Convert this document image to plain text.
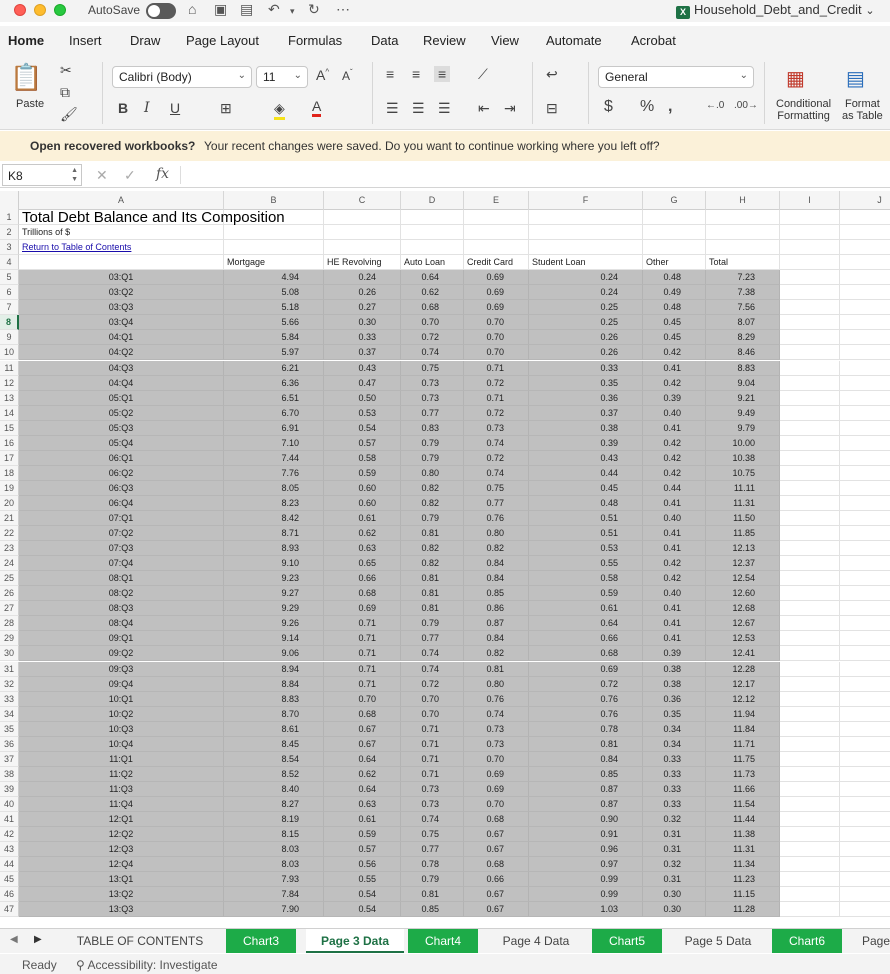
AutoSave	⌂ ▣ ▤ ↶ ▾ ↻ ⋯	X Household_Debt_and_Credit ⌄
Home Insert Draw Page Layout Formulas Data Review View Automate Acrobat
📋
Paste
✂
⧉
🖌
Calibri (Body)	⌄	11 ⌄ A^ $A^ˇ$
B I U	⊞	◈ A
≡ ≡ ≡ ⟋
☰ ☰ ☰ ⇤ ⇥
↩
⊟
General	⌄
$ % ,	←.0 .00→
▦
Conditional
Formatting
▤
Format
as Table
Open recovered workbooks? Your recent changes were saved. Do you want to continue working where you left off?
K8	▲
▼ ✕ ✓ fx
A	B	C	D	E	F	G	H	I	J
1 Total Debt Balance and Its Composition
2	Trillions of $
3	Return to Table of Contents
4	Mortgage	HE Revolving	Auto Loan	Credit Card	Student Loan	Other	Total
5	03:Q1	4.94	0.24	0.64	0.69	0.24	0.48	7.23
6	03:Q2	5.08	0.26	0.62	0.69	0.24	0.49	7.38
7	03:Q3	5.18	0.27	0.68	0.69	0.25	0.48	7.56
8	03:Q4	5.66	0.30	0.70	0.70	0.25	0.45	8.07
9	04:Q1	5.84	0.33	0.72	0.70	0.26	0.45	8.29
10	04:Q2	5.97	0.37	0.74	0.70	0.26	0.42	8.46
11	04:Q3	6.21	0.43	0.75	0.71	0.33	0.41	8.83
12	04:Q4	6.36	0.47	0.73	0.72	0.35	0.42	9.04
13	05:Q1	6.51	0.50	0.73	0.71	0.36	0.39	9.21
14	05:Q2	6.70	0.53	0.77	0.72	0.37	0.40	9.49
15	05:Q3	6.91	0.54	0.83	0.73	0.38	0.41	9.79
16	05:Q4	7.10	0.57	0.79	0.74	0.39	0.42	10.00
17	06:Q1	7.44	0.58	0.79	0.72	0.43	0.42	10.38
18	06:Q2	7.76	0.59	0.80	0.74	0.44	0.42	10.75
19	06:Q3	8.05	0.60	0.82	0.75	0.45	0.44	11.11
20	06:Q4	8.23	0.60	0.82	0.77	0.48	0.41	11.31
21	07:Q1	8.42	0.61	0.79	0.76	0.51	0.40	11.50
22	07:Q2	8.71	0.62	0.81	0.80	0.51	0.41	11.85
23	07:Q3	8.93	0.63	0.82	0.82	0.53	0.41	12.13
24	07:Q4	9.10	0.65	0.82	0.84	0.55	0.42	12.37
25	08:Q1	9.23	0.66	0.81	0.84	0.58	0.42	12.54
26	08:Q2	9.27	0.68	0.81	0.85	0.59	0.40	12.60
27	08:Q3	9.29	0.69	0.81	0.86	0.61	0.41	12.68
28	08:Q4	9.26	0.71	0.79	0.87	0.64	0.41	12.67
29	09:Q1	9.14	0.71	0.77	0.84	0.66	0.41	12.53
30	09:Q2	9.06	0.71	0.74	0.82	0.68	0.39	12.41
31	09:Q3	8.94	0.71	0.74	0.81	0.69	0.38	12.28
32	09:Q4	8.84	0.71	0.72	0.80	0.72	0.38	12.17
33	10:Q1	8.83	0.70	0.70	0.76	0.76	0.36	12.12
34	10:Q2	8.70	0.68	0.70	0.74	0.76	0.35	11.94
35	10:Q3	8.61	0.67	0.71	0.73	0.78	0.34	11.84
36	10:Q4	8.45	0.67	0.71	0.73	0.81	0.34	11.71
37	11:Q1	8.54	0.64	0.71	0.70	0.84	0.33	11.75
38	11:Q2	8.52	0.62	0.71	0.69	0.85	0.33	11.73
39	11:Q3	8.40	0.64	0.73	0.69	0.87	0.33	11.66
40	11:Q4	8.27	0.63	0.73	0.70	0.87	0.33	11.54
41	12:Q1	8.19	0.61	0.74	0.68	0.90	0.32	11.44
42	12:Q2	8.15	0.59	0.75	0.67	0.91	0.31	11.38
43	12:Q3	8.03	0.57	0.77	0.67	0.96	0.31	11.31
44	12:Q4	8.03	0.56	0.78	0.68	0.97	0.32	11.34
45	13:Q1	7.93	0.55	0.79	0.66	0.99	0.31	11.23
46	13:Q2	7.84	0.54	0.81	0.67	0.99	0.30	11.15
47	13:Q3	7.90	0.54	0.85	0.67	1.03	0.30	11.28
◀ ▶	TABLE OF CONTENTS	Chart3	Page 3 Data	Chart4	Page 4 Data	Chart5	Page 5 Data	Chart6	Page
Ready ⚲ Accessibility: Investigate
